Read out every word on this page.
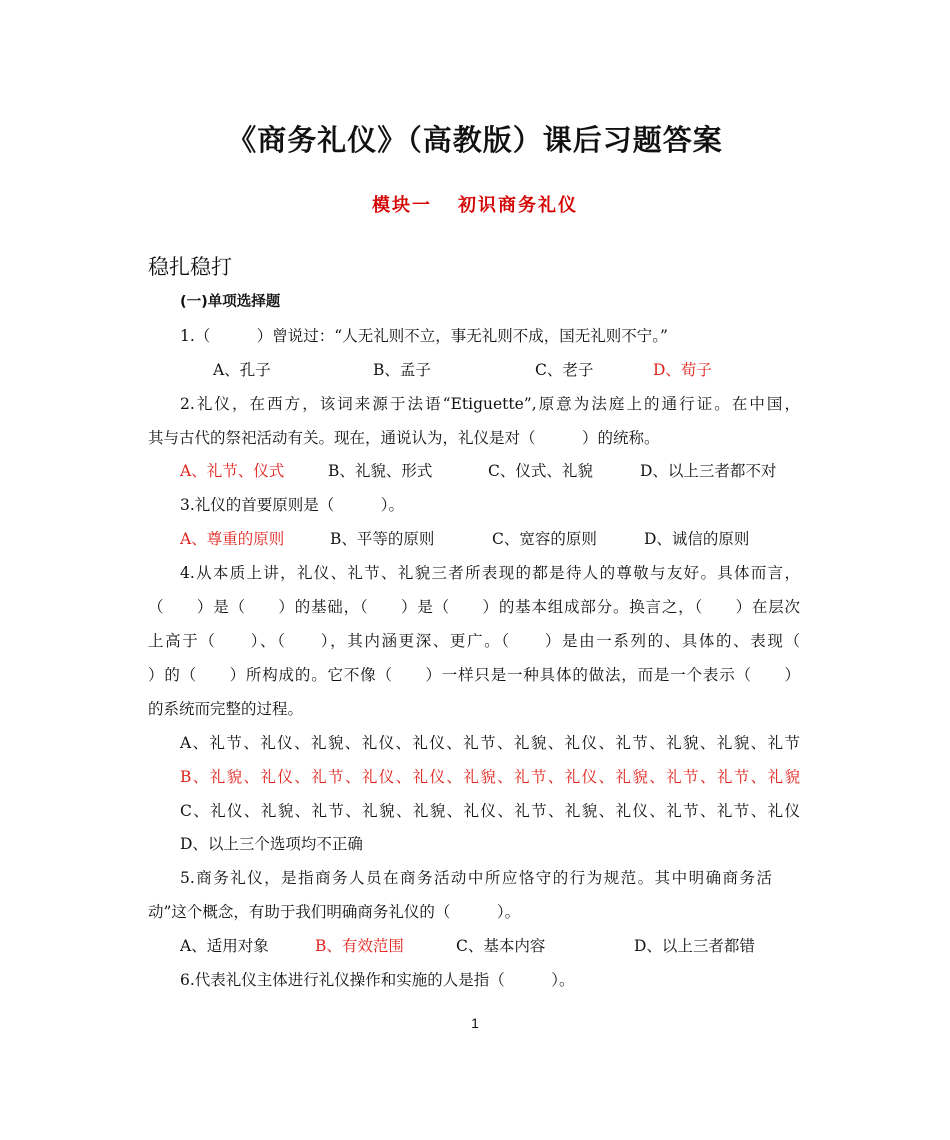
《商务礼仪》（高教版）课后习题答案
模块一 初识商务礼仪
稳扎稳打
(一)单项选择题
1.（　　　）曾说过：“人无礼则不立，事无礼则不成，国无礼则不宁。”
A、孔子	B、孟子	C、老子	D、荀子
2.礼仪，在西方，该词来源于法语“Etiguette”,原意为法庭上的通行证。在中国，
其与古代的祭祀活动有关。现在，通说认为，礼仪是对（　　　）的统称。
A、礼节、仪式	B、礼貌、形式	C、仪式、礼貌	D、以上三者都不对
3.礼仪的首要原则是（　　　）。
A、尊重的原则	B、平等的原则	C、宽容的原则	D、诚信的原则
4.从本质上讲，礼仪、礼节、礼貌三者所表现的都是待人的尊敬与友好。具体而言，
（　　）是（　　）的基础，（　　）是（　　）的基本组成部分。换言之，（　　）在层次
上高于（　　）、（　　），其内涵更深、更广。（　　）是由一系列的、具体的、表现（
）的（　　）所构成的。它不像（　　）一样只是一种具体的做法，而是一个表示（　　）
的系统而完整的过程。
A、礼节、礼仪、礼貌、礼仪、礼仪、礼节、礼貌、礼仪、礼节、礼貌、礼貌、礼节
B、礼貌、礼仪、礼节、礼仪、礼仪、礼貌、礼节、礼仪、礼貌、礼节、礼节、礼貌
C、礼仪、礼貌、礼节、礼貌、礼貌、礼仪、礼节、礼貌、礼仪、礼节、礼节、礼仪
D、以上三个选项均不正确
5.商务礼仪，是指商务人员在商务活动中所应恪守的行为规范。其中明确商务活
动”这个概念，有助于我们明确商务礼仪的（　　　）。
A、适用对象	B、有效范围	C、基本内容	D、以上三者都错
6.代表礼仪主体进行礼仪操作和实施的人是指（　　　）。
1
